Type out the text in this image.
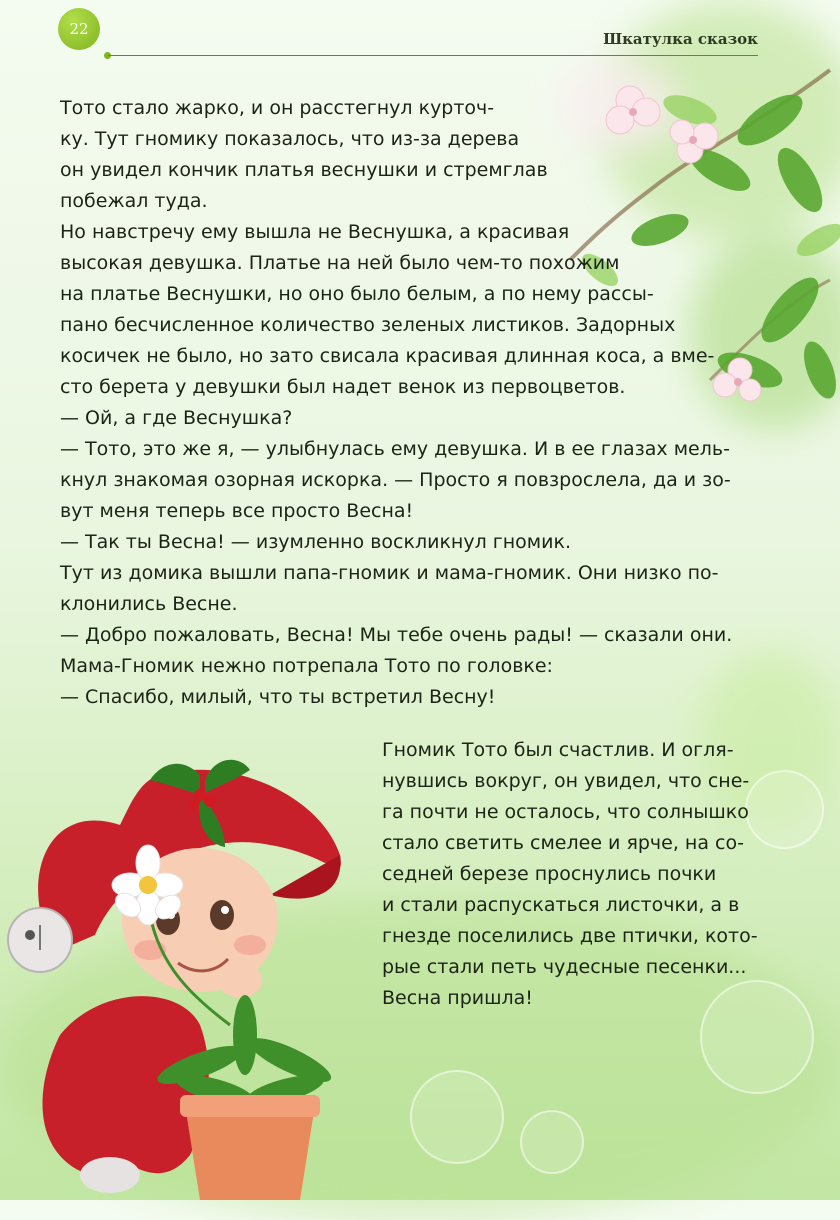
22
Шкатулка сказок

Тото стало жарко, и он расстегнул курточ-

ку. Тут гномику показалось, что из-за дерева

он увидел кончик платья веснушки и стремглав

побежал туда.

Но навстречу ему вышла не Веснушка, а красивая

высокая девушка. Платье на ней было чем-то похожим

на платье Веснушки, но оно было белым, а по нему рассы-

пано бесчисленное количество зеленых листиков. Задорных

косичек не было, но зато свисала красивая длинная коса, а вме-

сто берета у девушки был надет венок из первоцветов.

— Ой, а где Веснушка?

— Тото, это же я, — улыбнулась ему девушка. И в ее глазах мель-

кнул знакомая озорная искорка. — Просто я повзрослела, да и зо-

вут меня теперь все просто Весна!

— Так ты Весна! — изумленно воскликнул гномик.

Тут из домика вышли папа-гномик и мама-гномик. Они низко по-

клонились Весне.

— Добро пожаловать, Весна! Мы тебе очень рады! — сказали они.

Мама-Гномик нежно потрепала Тото по головке:

— Спасибо, милый, что ты встретил Весну!

Гномик Тото был счастлив. И огля-

нувшись вокруг, он увидел, что сне-

га почти не осталось, что солнышко

стало светить смелее и ярче, на со-

седней березе проснулись почки

и стали распускаться листочки, а в

гнезде поселились две птички, кото-

рые стали петь чудесные песенки...

Весна пришла!
